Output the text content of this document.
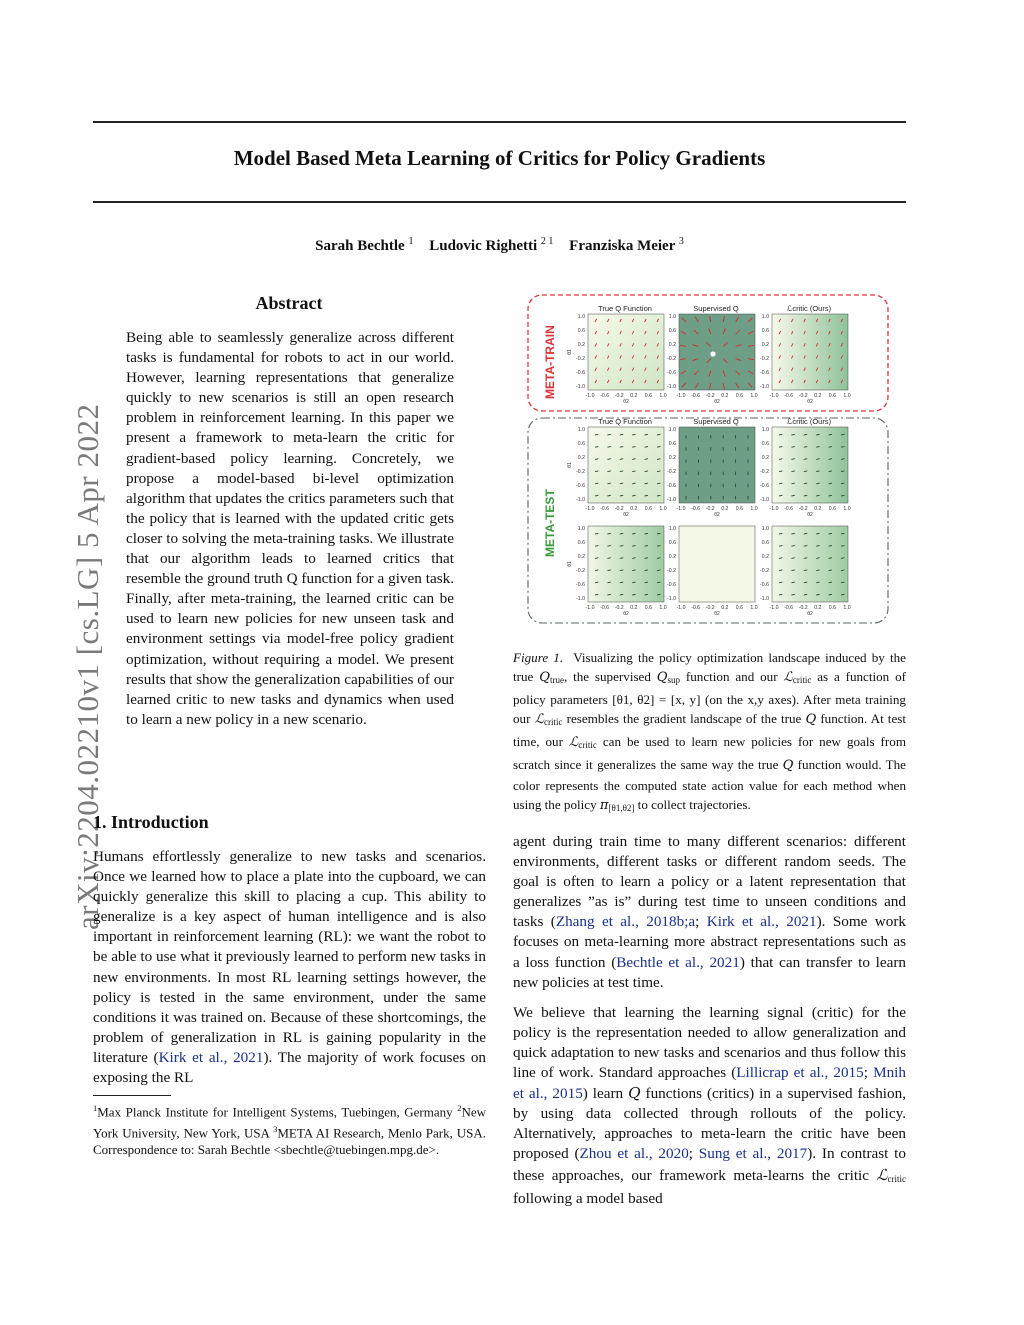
Model Based Meta Learning of Critics for Policy Gradients
Sarah Bechtle $^1$ Ludovic Righetti $^{2 1}$ Franziska Meier $^3$
arXiv:2204.02210v1 [cs.LG] 5 Apr 2022
Abstract
Being able to seamlessly generalize across different tasks is fundamental for robots to act in our world. However, learning representations that generalize quickly to new scenarios is still an open research problem in reinforcement learning. In this paper we present a framework to meta-learn the critic for gradient-based policy learning. Concretely, we propose a model-based bi-level optimization algorithm that updates the critics parameters such that the policy that is learned with the updated critic gets closer to solving the meta-training tasks. We illustrate that our algorithm leads to learned critics that resemble the ground truth Q function for a given task. Finally, after meta-training, the learned critic can be used to learn new policies for new unseen task and environment settings via model-free policy gradient optimization, without requiring a model. We present results that show the generalization capabilities of our learned critic to new tasks and dynamics when used to learn a new policy in a new scenario.
1. Introduction
Humans effortlessly generalize to new tasks and scenarios. Once we learned how to place a plate into the cupboard, we can quickly generalize this skill to placing a cup. This ability to generalize is a key aspect of human intelligence and is also important in reinforcement learning (RL): we want the robot to be able to use what it previously learned to perform new tasks in new environments. In most RL learning settings however, the policy is tested in the same environment, under the same conditions it was trained on. Because of these shortcomings, the problem of generalization in RL is gaining popularity in the literature (Kirk et al., 2021). The majority of work focuses on exposing the RL
$^1$Max Planck Institute for Intelligent Systems, Tuebingen, Germany $^2$New York University, New York, USA $^3$META AI Research, Menlo Park, USA. Correspondence to: Sarah Bechtle <sbechtle@tuebingen.mpg.de>.
META-TRAIN
META-TEST
True Q Function	Supervised Q	ℒcritic (Ours)
True Q Function	Supervised Q	ℒcritic (Ours)
1.0
0.6
0.2
-0.2
-0.6
-1.0
-1.0 -0.6 -0.2 0.2 0.6 1.0
θ2
θ1
1.0
0.6
0.2
-0.2
-0.6
-1.0
-1.0 -0.6 -0.2 0.2 0.6 1.0
θ2
1.0
0.6
0.2
-0.2
-0.6
-1.0
-1.0 -0.6 -0.2 0.2 0.6 1.0
θ2
1.0
0.6
0.2
-0.2
-0.6
-1.0
-1.0 -0.6 -0.2 0.2 0.6 1.0
θ2
θ1
1.0
0.6
0.2
-0.2
-0.6
-1.0
-1.0 -0.6 -0.2 0.2 0.6 1.0
θ2
1.0
0.6
0.2
-0.2
-0.6
-1.0
-1.0 -0.6 -0.2 0.2 0.6 1.0
θ2
1.0
0.6
0.2
-0.2
-0.6
-1.0
-1.0 -0.6 -0.2 0.2 0.6 1.0
θ2
θ1
1.0
0.6
0.2
-0.2
-0.6
-1.0
-1.0 -0.6 -0.2 0.2 0.6 1.0
θ2
1.0
0.6
0.2
-0.2
-0.6
-1.0
-1.0 -0.6 -0.2 0.2 0.6 1.0
θ2
Figure 1. Visualizing the policy optimization landscape induced by the true $Q_{true}$, the supervised $Q_{sup}$ function and our ℒ$_{critic}$ as a function of policy parameters [θ1, θ2] = [x, y] (on the x,y axes). After meta training our ℒ$_{critic}$ resembles the gradient landscape of the true Q function. At test time, our ℒ$_{critic}$ can be used to learn new policies for new goals from scratch since it generalizes the same way the true Q function would. The color represents the computed state action value for each method when using the policy $\pi_{[\theta 1,\theta 2]}$ to collect trajectories.

agent during train time to many different scenarios: different environments, different tasks or different random seeds. The goal is often to learn a policy or a latent representation that generalizes ”as is” during test time to unseen conditions and tasks (Zhang et al., 2018b;a; Kirk et al., 2021). Some work focuses on meta-learning more abstract representations such as a loss function (Bechtle et al., 2021) that can transfer to learn new policies at test time.

We believe that learning the learning signal (critic) for the policy is the representation needed to allow generalization and quick adaptation to new tasks and scenarios and thus follow this line of work. Standard approaches (Lillicrap et al., 2015; Mnih et al., 2015) learn Q functions (critics) in a supervised fashion, by using data collected through rollouts of the policy. Alternatively, approaches to meta-learn the critic have been proposed (Zhou et al., 2020; Sung et al., 2017). In contrast to these approaches, our framework meta-learns the critic ℒ$_{critic}$ following a model based
